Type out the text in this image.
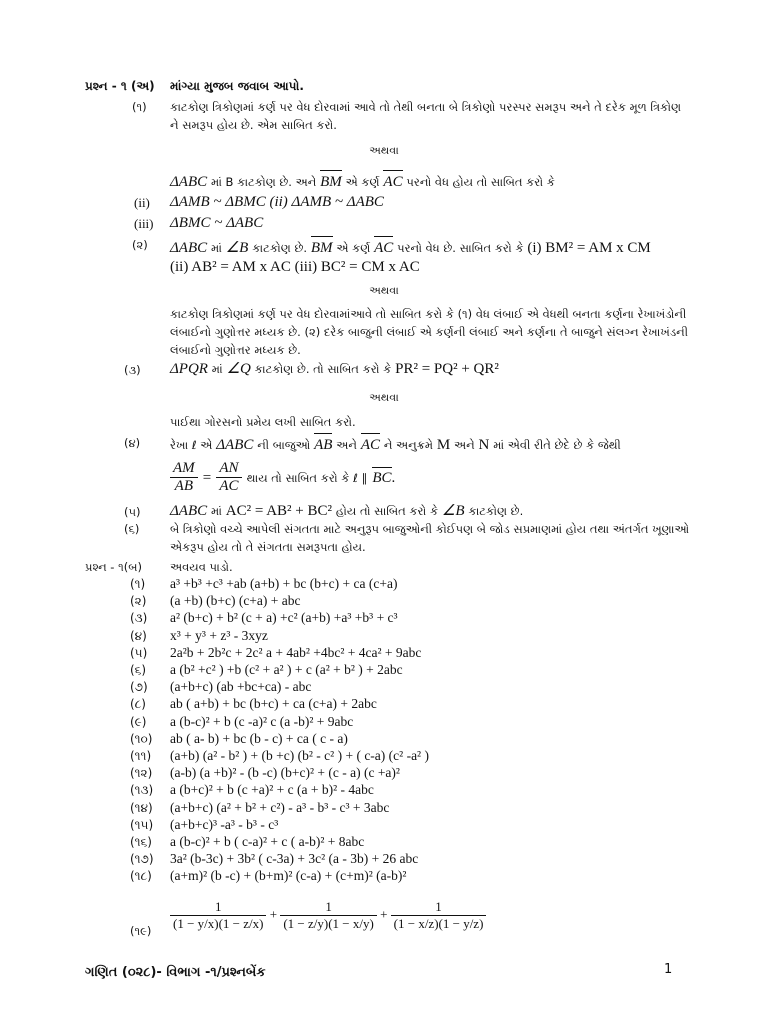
પ્રશ્ન - ૧ (અ) માંગ્યા મુજબ જવાબ આપો.
(૧) કાટકોણ ત્રિકોણમાં કર્ણ પર વેધ દોરવામાં આવે તો તેથી બનતા બે ત્રિકોણો પરસ્પર સમરૂપ અને તે દરેક મૂળ ત્રિકોણ
ને સમરૂપ હોય છે. એમ સાબિત કરો.
અથવા
ΔABC માં B કાટકોણ છે. અને BM એ કર્ણ AC પરનો વેધ હોય તો સાબિત કરો કે
(ii) ΔAMB ~ ΔBMC (ii) ΔAMB ~ ΔABC
(iii) ΔBMC ~ ΔABC
(૨) ΔABC માં ∠B કાટકોણ છે. BM એ કર્ણ AC પરનો વેધ છે. સાબિત કરો કે (i) BM² = AM x CM
(ii) AB² = AM x AC (iii) BC² = CM x AC
અથવા
કાટકોણ ત્રિકોણમાં કર્ણ પર વેધ દોરવામાંઆવે તો સાબિત કરો કે (૧) વેધ લંબાઈ એ વેધથી બનતા કર્ણના રેખાખંડોની
લંબાઈનો ગુણોત્તર મધ્યક છે. (૨) દરેક બાજુની લંબાઈ એ કર્ણની લંબાઈ અને કર્ણના તે બાજુને સંલગ્ન રેખાખંડની
લંબાઈનો ગુણોત્તર મધ્યક છે.
(૩) ΔPQR માં ∠Q કાટકોણ છે. તો સાબિત કરો કે PR² = PQ² + QR²
અથવા
પાઈથા ગોરસનો પ્રમેય લખી સાબિત કરો.
(૪)	રેખા ℓ એ ΔABC ની બાજુઓ AB અને AC ને અનુક્રમે M અને N માં એવી રીતે છેદે છે કે જેથી
$\frac{AM}{AB} = \frac{AN}{AC}$ થાય તો સાબિત કરો કે ℓ ∥ BC.
(૫) ΔABC માં AC² = AB² + BC² હોય તો સાબિત કરો કે ∠B કાટકોણ છે.
(૬)	બે ત્રિકોણો વચ્ચે આપેલી સંગતતા માટે અનુરૂપ બાજુઓની કોઈપણ બે જોડ સપ્રમાણમાં હોય તથા અંતર્ગત ખૂણાઓ
એકરૂપ હોય તો તે સંગતતા સમરૂપતા હોય.
પ્રશ્ન - ૧(બ) અવયવ પાડો.
(૧) a³ +b³ +c³ +ab (a+b) + bc (b+c) + ca (c+a)
(૨) (a +b) (b+c) (c+a) + abc
(૩) a² (b+c) + b² (c + a) +c² (a+b) +a³ +b³ + c³
(૪) x³ + y³ + z³ - 3xyz
(૫) 2a²b + 2b²c + 2c² a + 4ab² +4bc² + 4ca² + 9abc
(૬) a (b² +c² ) +b (c² + a² ) + c (a² + b² ) + 2abc
(૭) (a+b+c) (ab +bc+ca) - abc
(૮) ab ( a+b) + bc (b+c) + ca (c+a) + 2abc
(૯) a (b-c)² + b (c -a)² c (a -b)² + 9abc
(૧૦) ab ( a- b) + bc (b - c) + ca ( c - a)
(૧૧) (a+b) (a² - b² ) + (b +c) (b² - c² ) + ( c-a) (c² -a² )
(૧૨) (a-b) (a +b)² - (b -c) (b+c)² + (c - a) (c +a)²
(૧૩) a (b+c)² + b (c +a)² + c (a + b)² - 4abc
(૧૪) (a+b+c) (a² + b² + c²) - a³ - b³ - c³ + 3abc
(૧૫) (a+b+c)³ -a³ - b³ - c³
(૧૬) a (b-c)² + b ( c-a)² + c ( a-b)² + 8abc
(૧૭) 3a² (b-3c) + 3b² ( c-3a) + 3c² (a - 3b) + 26 abc
(૧૮) (a+m)² (b -c) + (b+m)² (c-a) + (c+m)² (a-b)²
(૧૯) $\frac{1}{(1 - y/x)(1 - z/x)} + \frac{1}{(1 - z/y)(1 - x/y)} + \frac{1}{(1 - x/z)(1 - y/z)}$
ગણિત (૦૨૮)- વિભાગ -૧/પ્રશ્નબેંક	1
